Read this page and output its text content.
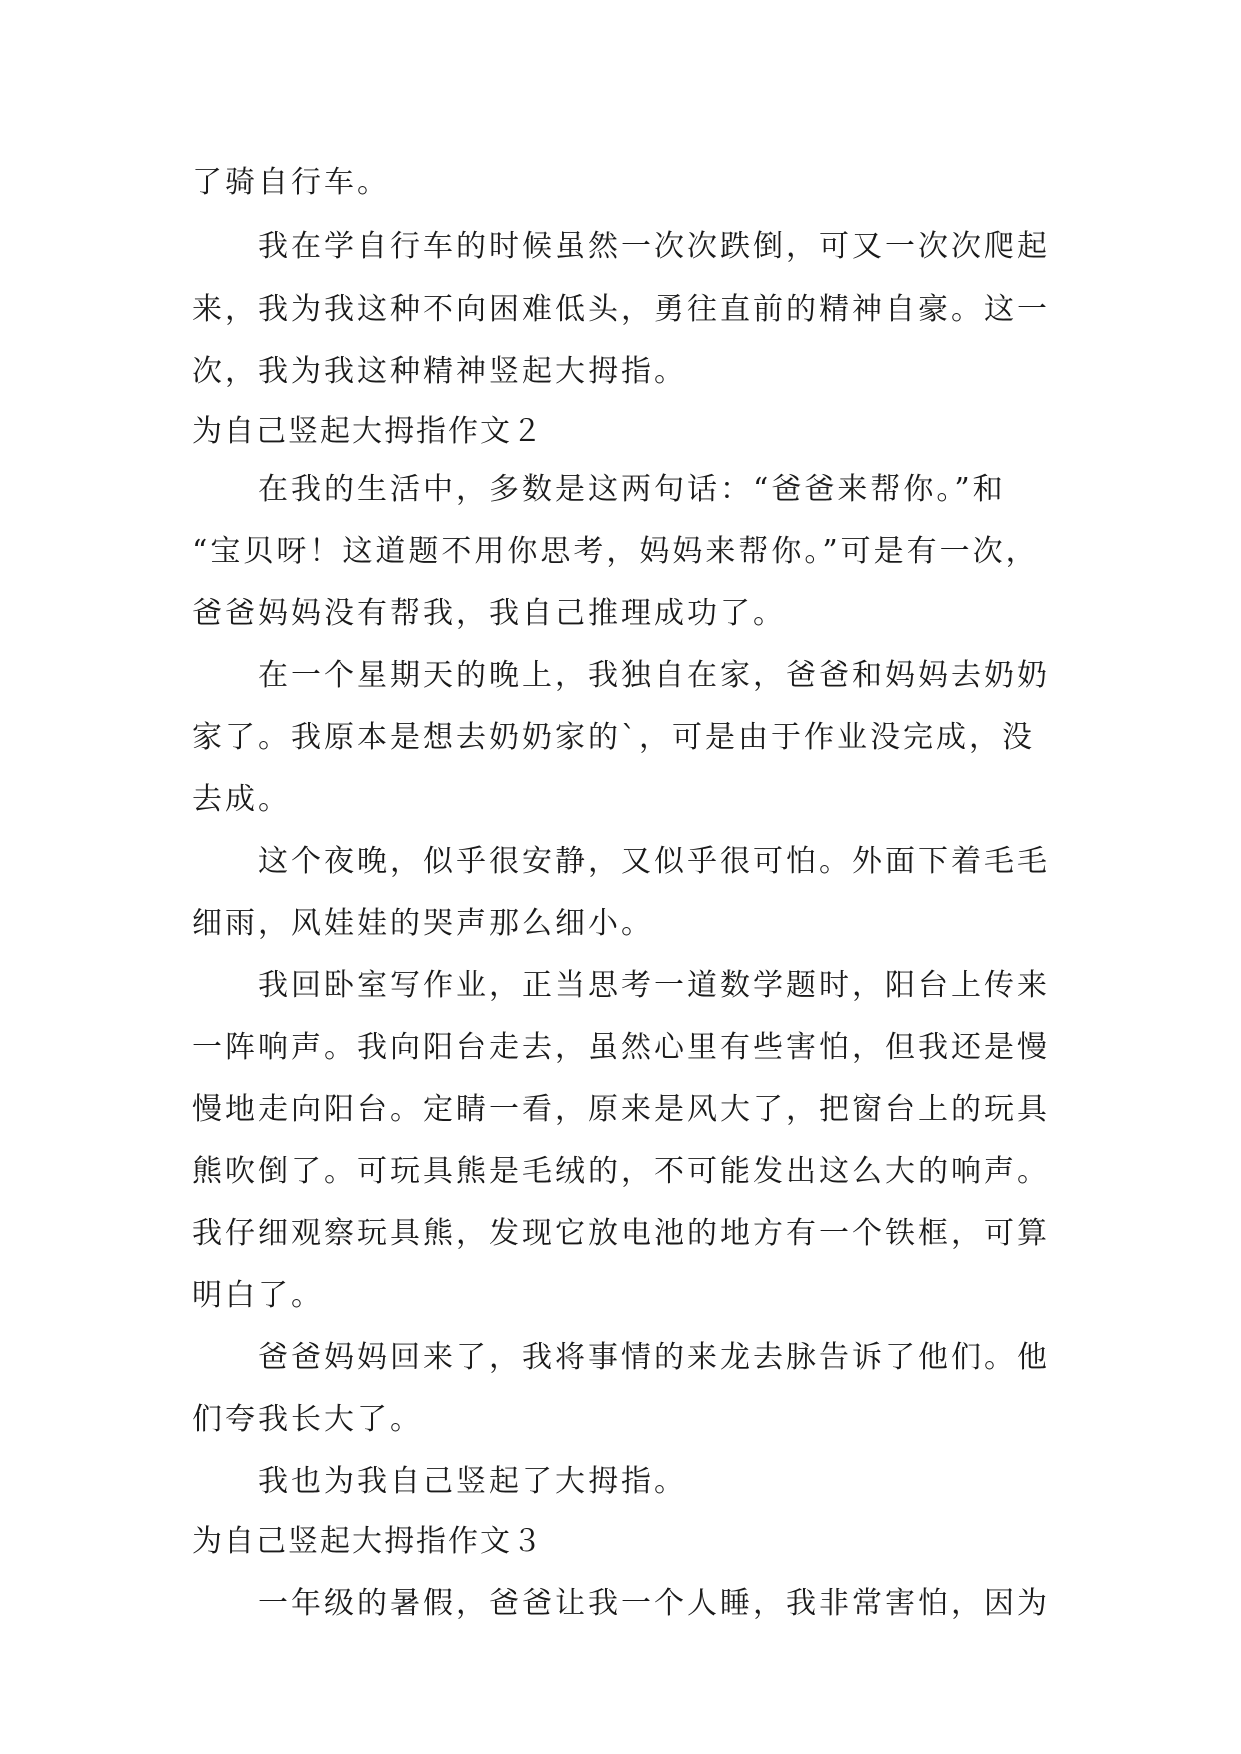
了骑自行车。
我在学自行车的时候虽然一次次跌倒，可又一次次爬起
来，我为我这种不向困难低头，勇往直前的精神自豪。这一
次，我为我这种精神竖起大拇指。
为自己竖起大拇指作文２
在我的生活中，多数是这两句话：“爸爸来帮你。”和
“宝贝呀！这道题不用你思考，妈妈来帮你。”可是有一次，
爸爸妈妈没有帮我，我自己推理成功了。
在一个星期天的晚上，我独自在家，爸爸和妈妈去奶奶
家了。我原本是想去奶奶家的`，可是由于作业没完成，没
去成。
这个夜晚，似乎很安静，又似乎很可怕。外面下着毛毛
细雨，风娃娃的哭声那么细小。
我回卧室写作业，正当思考一道数学题时，阳台上传来
一阵响声。我向阳台走去，虽然心里有些害怕，但我还是慢
慢地走向阳台。定睛一看，原来是风大了，把窗台上的玩具
熊吹倒了。可玩具熊是毛绒的，不可能发出这么大的响声。
我仔细观察玩具熊，发现它放电池的地方有一个铁框，可算
明白了。
爸爸妈妈回来了，我将事情的来龙去脉告诉了他们。他
们夸我长大了。
我也为我自己竖起了大拇指。
为自己竖起大拇指作文３
一年级的暑假，爸爸让我一个人睡，我非常害怕，因为
